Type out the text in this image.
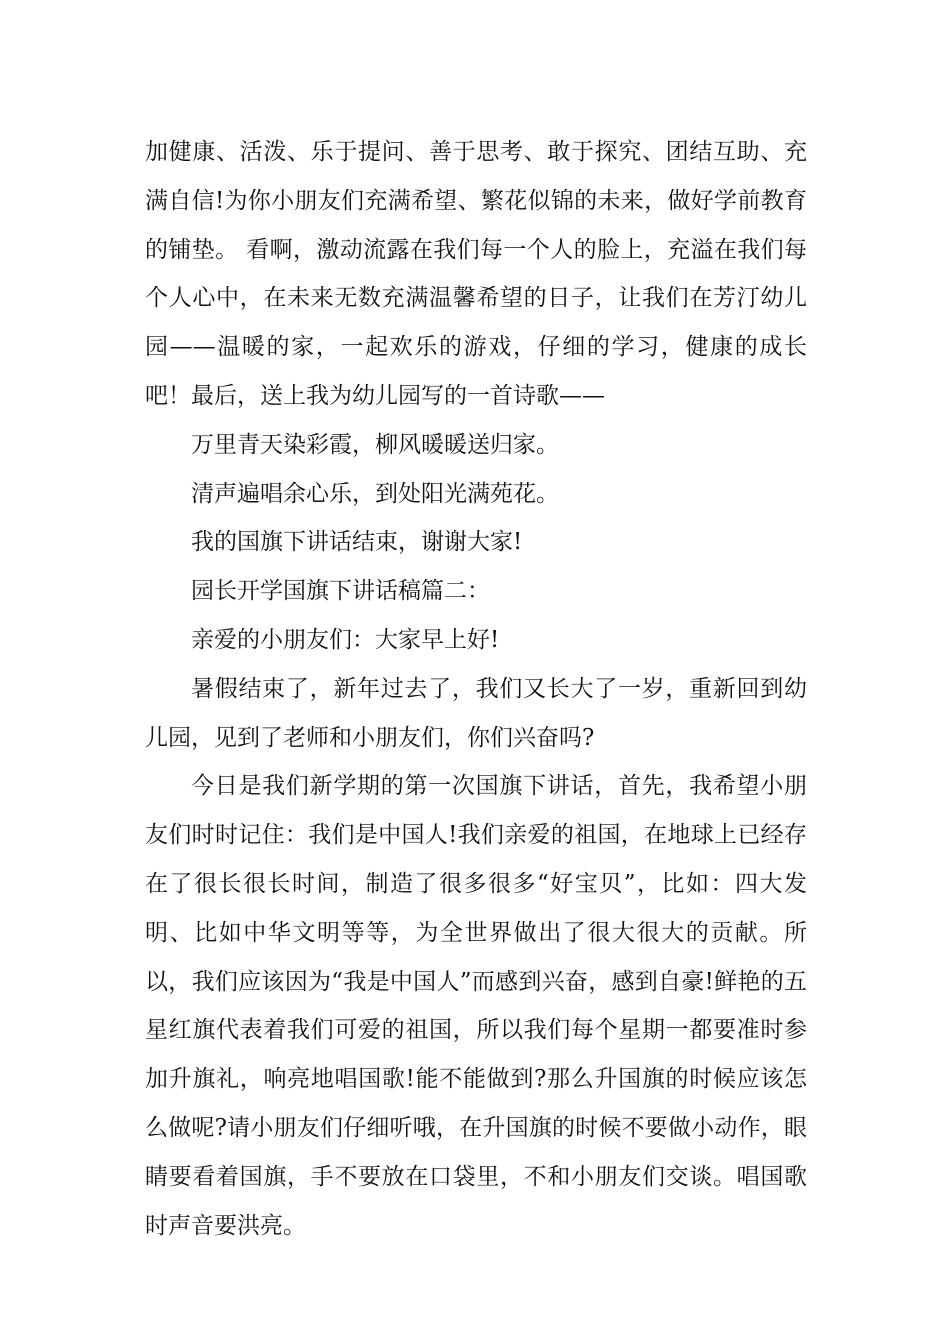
加健康、活泼、乐于提问、善于思考、敢于探究、团结互助、充满自信!为你小朋友们充满希望、繁花似锦的未来，做好学前教育的铺垫。 看啊，激动流露在我们每一个人的脸上，充溢在我们每个人心中，在未来无数充满温馨希望的日子，让我们在芳汀幼儿园——温暖的家，一起欢乐的游戏，仔细的学习，健康的成长吧！最后，送上我为幼儿园写的一首诗歌——

万里青天染彩霞，柳风暖暖送归家。

清声遍唱余心乐，到处阳光满苑花。

我的国旗下讲话结束，谢谢大家!

园长开学国旗下讲话稿篇二：

亲爱的小朋友们：大家早上好!

暑假结束了，新年过去了，我们又长大了一岁，重新回到幼儿园，见到了老师和小朋友们，你们兴奋吗?

今日是我们新学期的第一次国旗下讲话，首先，我希望小朋友们时时记住：我们是中国人!我们亲爱的祖国，在地球上已经存在了很长很长时间，制造了很多很多“好宝贝”，比如：四大发明、比如中华文明等等，为全世界做出了很大很大的贡献。所以，我们应该因为“我是中国人”而感到兴奋，感到自豪!鲜艳的五星红旗代表着我们可爱的祖国，所以我们每个星期一都要准时参加升旗礼，响亮地唱国歌!能不能做到?那么升国旗的时候应该怎么做呢?请小朋友们仔细听哦，在升国旗的时候不要做小动作，眼睛要看着国旗，手不要放在口袋里，不和小朋友们交谈。唱国歌时声音要洪亮。
